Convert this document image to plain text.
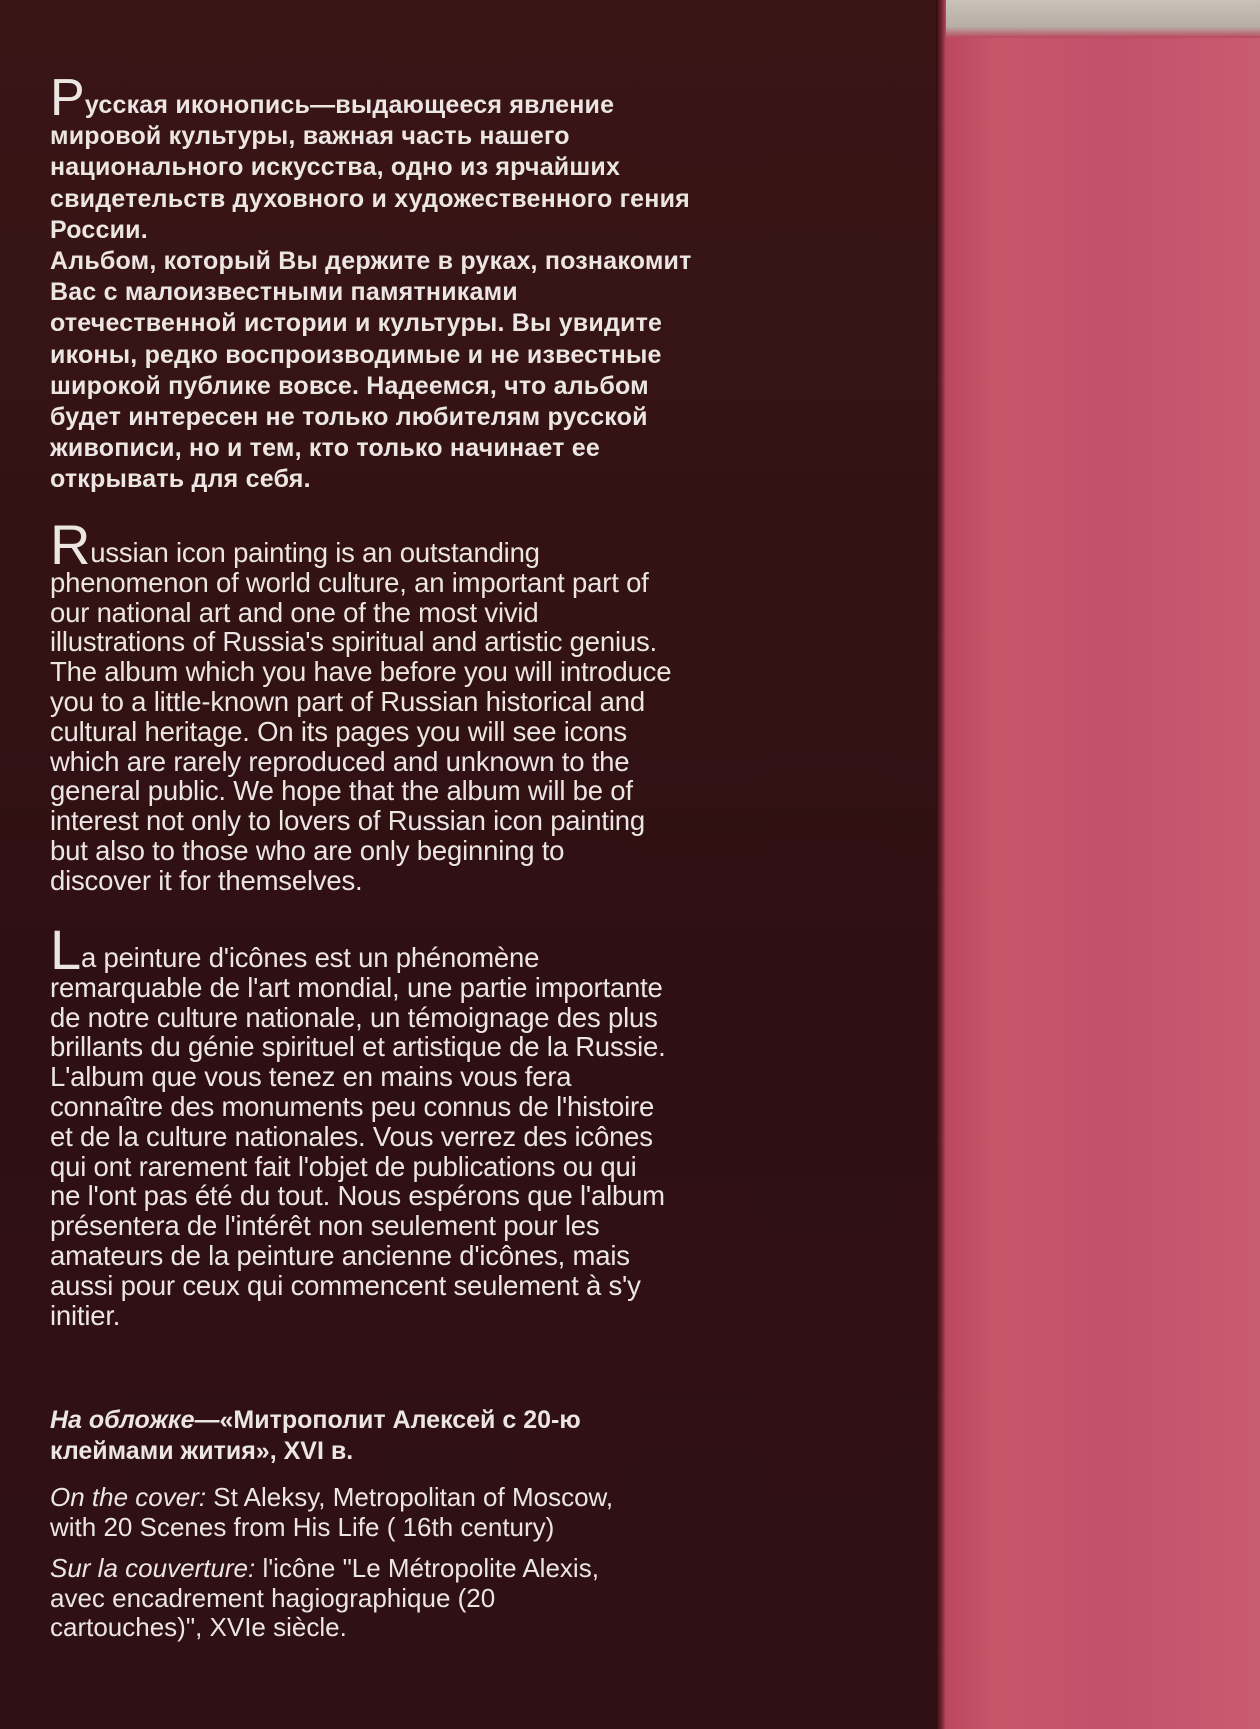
Русская иконопись—выдающееся явление
мировой культуры, важная часть нашего
национального искусства, одно из ярчайших
свидетельств духовного и художественного гения
России.
Альбом, который Вы держите в руках, познакомит
Вас с малоизвестными памятниками
отечественной истории и культуры. Вы увидите
иконы, редко воспроизводимые и не известные
широкой публике вовсе. Надеемся, что альбом
будет интересен не только любителям русской
живописи, но и тем, кто только начинает ее
открывать для себя.

Russian icon painting is an outstanding
phenomenon of world culture, an important part of
our national art and one of the most vivid
illustrations of Russia's spiritual and artistic genius.
The album which you have before you will introduce
you to a little-known part of Russian historical and
cultural heritage. On its pages you will see icons
which are rarely reproduced and unknown to the
general public. We hope that the album will be of
interest not only to lovers of Russian icon painting
but also to those who are only beginning to
discover it for themselves.

La peinture d'icônes est un phénomène
remarquable de l'art mondial, une partie importante
de notre culture nationale, un témoignage des plus
brillants du génie spirituel et artistique de la Russie.
L'album que vous tenez en mains vous fera
connaître des monuments peu connus de l'histoire
et de la culture nationales. Vous verrez des icônes
qui ont rarement fait l'objet de publications ou qui
ne l'ont pas été du tout. Nous espérons que l'album
présentera de l'intérêt non seulement pour les
amateurs de la peinture ancienne d'icônes, mais
aussi pour ceux qui commencent seulement à s'y
initier.

На обложке—«Митрополит Алексей с 20-ю
клеймами жития», XVI в.

On the cover: St Aleksy, Metropolitan of Moscow,
with 20 Scenes from His Life ( 16th century)

Sur la couverture: l'icône "Le Métropolite Alexis,
avec encadrement hagiographique (20
cartouches)", XVIe siècle.
